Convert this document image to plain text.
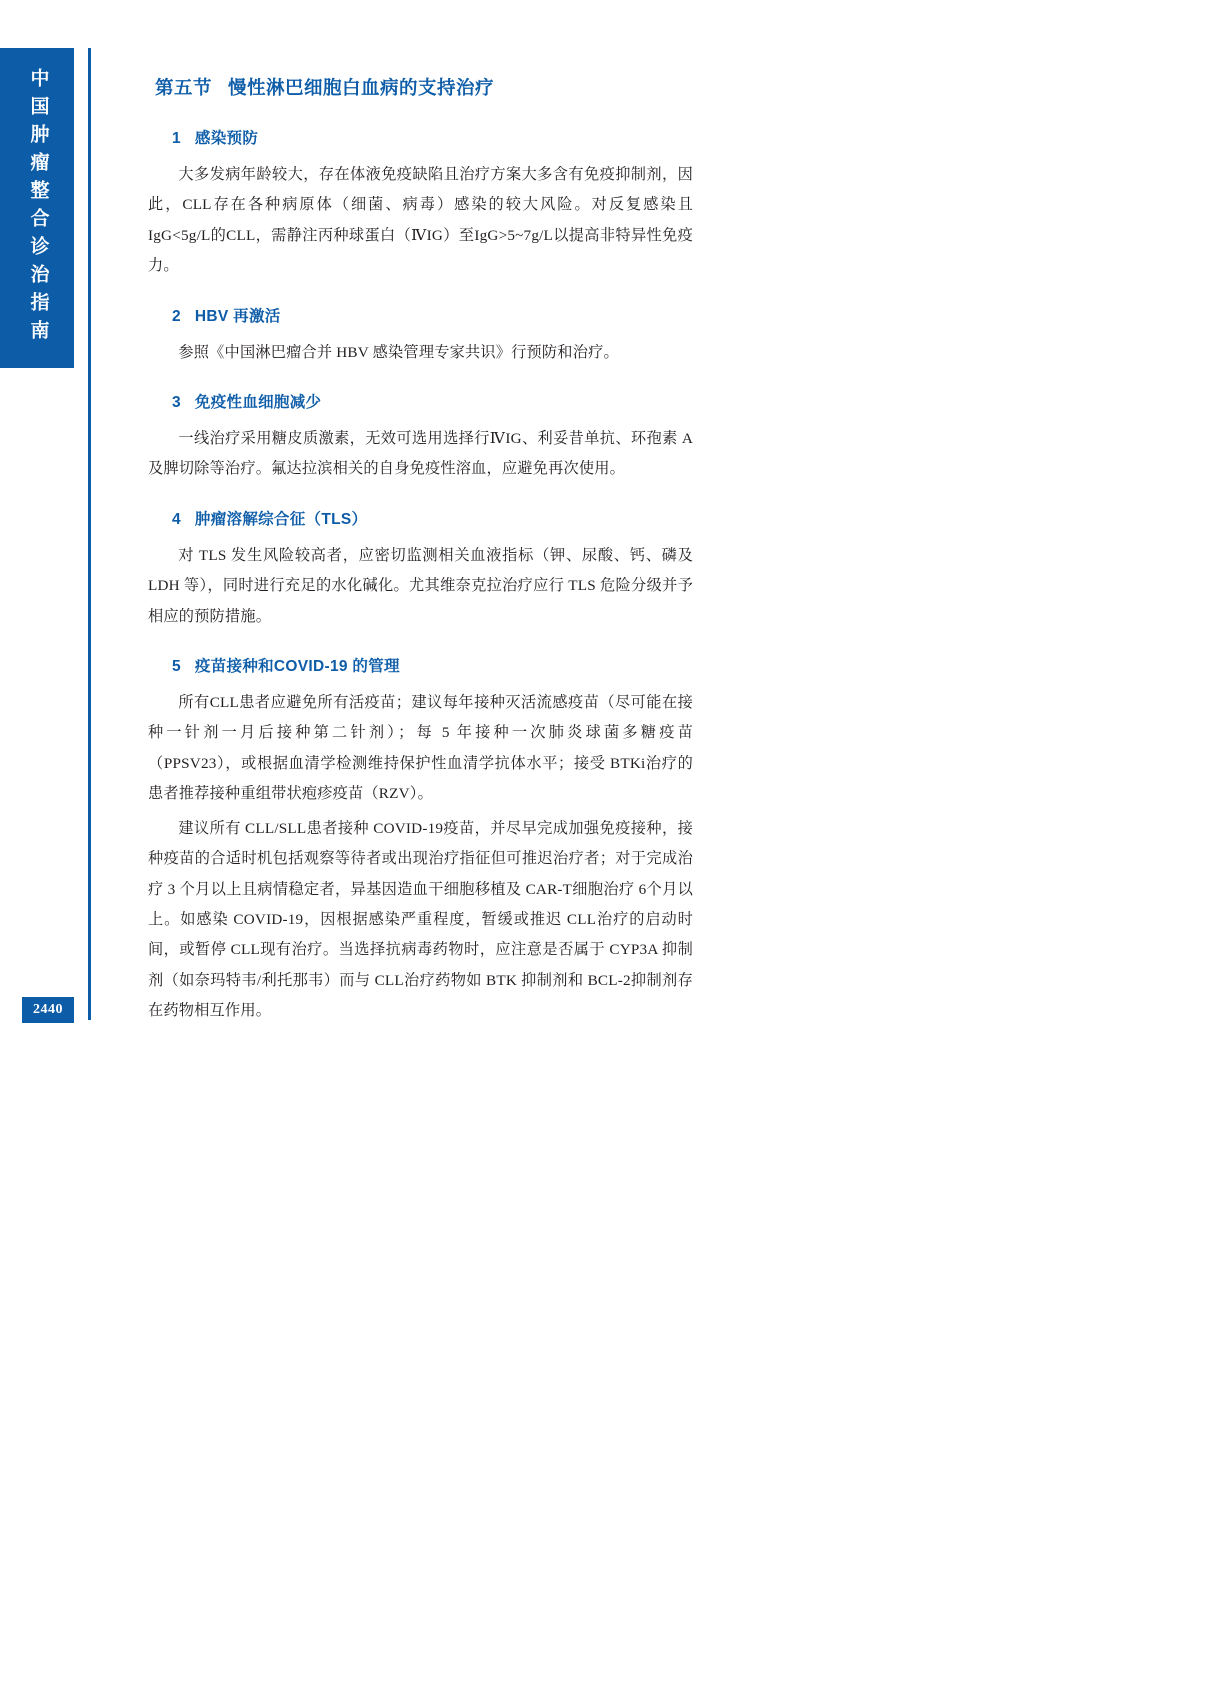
中国肿瘤整合诊治指南
2440
第五节 慢性淋巴细胞白血病的支持治疗
1 感染预防

大多发病年龄较大，存在体液免疫缺陷且治疗方案大多含有免疫抑制剂，因此，CLL存在各种病原体（细菌、病毒）感染的较大风险。对反复感染且IgG<5g/L的CLL，需静注丙种球蛋白（ⅣIG）至IgG>5~7g/L以提高非特异性免疫力。

2 HBV 再激活

参照《中国淋巴瘤合并 HBV 感染管理专家共识》行预防和治疗。

3 免疫性血细胞减少

一线治疗采用糖皮质激素，无效可选用选择行ⅣIG、利妥昔单抗、环孢素 A 及脾切除等治疗。氟达拉滨相关的自身免疫性溶血，应避免再次使用。

4 肿瘤溶解综合征（TLS）

对 TLS 发生风险较高者，应密切监测相关血液指标（钾、尿酸、钙、磷及 LDH 等），同时进行充足的水化碱化。尤其维奈克拉治疗应行 TLS 危险分级并予相应的预防措施。

5 疫苗接种和COVID-19 的管理

所有CLL患者应避免所有活疫苗；建议每年接种灭活流感疫苗（尽可能在接种一针剂一月后接种第二针剂）；每 5 年接种一次肺炎球菌多糖疫苗（PPSV23），或根据血清学检测维持保护性血清学抗体水平；接受 BTKi治疗的患者推荐接种重组带状疱疹疫苗（RZV）。

建议所有 CLL/SLL患者接种 COVID-19疫苗，并尽早完成加强免疫接种，接种疫苗的合适时机包括观察等待者或出现治疗指征但可推迟治疗者；对于完成治疗 3 个月以上且病情稳定者，异基因造血干细胞移植及 CAR-T细胞治疗 6个月以上。如感染 COVID-19，因根据感染严重程度，暂缓或推迟 CLL治疗的启动时间，或暂停 CLL现有治疗。当选择抗病毒药物时，应注意是否属于 CYP3A 抑制剂（如奈玛特韦/利托那韦）而与 CLL治疗药物如 BTK 抑制剂和 BCL-2抑制剂存在药物相互作用。
